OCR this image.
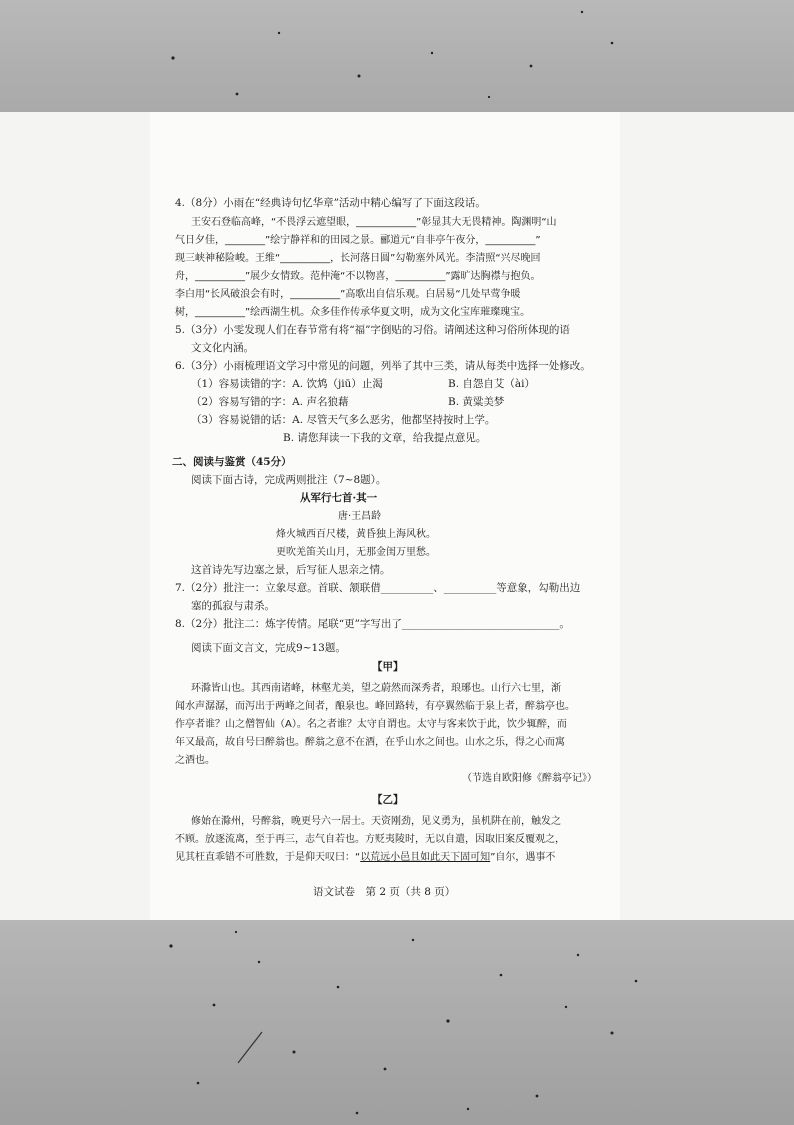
4.（8分）小雨在“经典诗句忆华章”活动中精心编写了下面这段话。
王安石登临高峰，“不畏浮云遮望眼，____________”彰显其大无畏精神。陶渊明“山
气日夕佳，________”绘宁静祥和的田园之景。郦道元“自非亭午夜分，__________”
现三峡神秘险峻。王维“__________，长河落日圆”勾勒塞外风光。李清照“兴尽晚回
舟，__________”展少女情致。范仲淹“不以物喜，__________”露旷达胸襟与抱负。
李白用“长风破浪会有时，__________”高歌出自信乐观。白居易“几处早莺争暖
树，__________”绘西湖生机。众多佳作传承华夏文明，成为文化宝库璀璨瑰宝。
5.（3分）小雯发现人们在春节常有将“福”字倒贴的习俗。请阐述这种习俗所体现的语
文文化内涵。
6.（3分）小雨梳理语文学习中常见的问题，列举了其中三类，请从每类中选择一处修改。
（1）容易读错的字：A. 饮鸩（jiū）止渴	B. 自怨自艾（ài）
（2）容易写错的字：A. 声名狼藉	B. 黄粱美梦
（3）容易说错的话：A. 尽管天气多么恶劣，他都坚持按时上学。
B. 请您拜读一下我的文章，给我提点意见。
二、阅读与鉴赏（45分）
阅读下面古诗，完成两则批注（7~8题）。
从军行七首·其一
唐·王昌龄
烽火城西百尺楼，黄昏独上海风秋。
更吹羌笛关山月，无那金闺万里愁。
这首诗先写边塞之景，后写征人思亲之情。
7.（2分）批注一：立象尽意。首联、颔联借__________、__________等意象，勾勒出边
塞的孤寂与肃杀。
8.（2分）批注二：炼字传情。尾联“更”字写出了______________________________。
阅读下面文言文，完成9~13题。
【甲】
环滁皆山也。其西南诸峰，林壑尤美，望之蔚然而深秀者，琅琊也。山行六七里，渐
闻水声潺潺，而泻出于两峰之间者，酿泉也。峰回路转，有亭翼然临于泉上者，醉翁亭也。
作亭者谁？山之僧智仙（A）。名之者谁？太守自谓也。太守与客来饮于此，饮少辄醉，而
年又最高，故自号曰醉翁也。醉翁之意不在酒，在乎山水之间也。山水之乐，得之心而寓
之酒也。
（节选自欧阳修《醉翁亭记》）
【乙】
修始在滁州，号醉翁，晚更号六一居士。天资刚劲，见义勇为，虽机阱在前，触发之
不顾。放逐流离，至于再三，志气自若也。方贬夷陵时，无以自遣，因取旧案反覆观之，
见其枉直乖错不可胜数，于是仰天叹曰：“以荒远小邑且如此天下固可知”自尔，遇事不
语文试卷　第 2 页（共 8 页）
